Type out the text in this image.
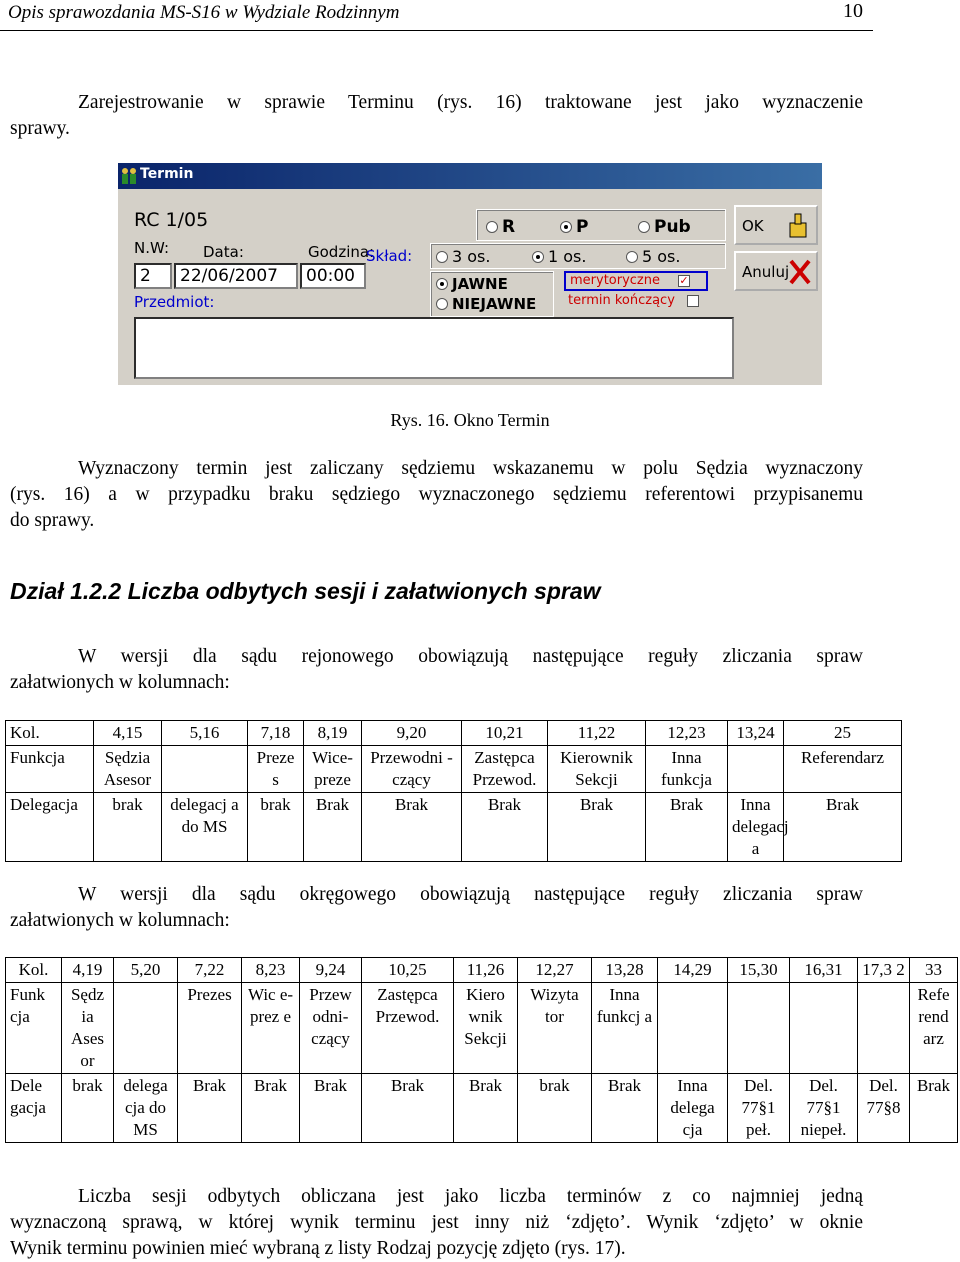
Opis sprawozdania MS-S16 w Wydziale Rodzinnym	10

Zarejestrowanie w sprawie Terminu (rys. 16) traktowane jest jako wyznaczenie

sprawy.

Termin
RC 1/05
N.W: Data:	Godzina:
Skład:
2	22/06/2007	00:00
Przedmiot:
R	P	Pub
3 os.	1 os.	5 os.
JAWNE
NIEJAWNE
merytoryczne ✓
termin kończący
OK
Anuluj
Rys. 16. Okno Termin

Wyznaczony termin jest zaliczany sędziemu wskazanemu w polu Sędzia wyznaczony

(rys. 16) a w przypadku braku sędziego wyznaczonego sędziemu referentowi przypisanemu

do sprawy.

Dział 1.2.2 Liczba odbytych sesji i załatwionych spraw

W wersji dla sądu rejonowego obowiązują następujące reguły zliczania spraw

załatwionych w kolumnach:

Kol.	4,15	5,16	7,18	8,19	9,20	10,21	11,22	12,23	13,24	25
Funkcja	Sędzia Asesor		Preze s	Wice- preze	Przewodni -czący	Zastępca Przewod.	Kierownik Sekcji	Inna funkcja		Referendarz
Delegacja	brak	delegacj a do MS	brak	Brak	Brak	Brak	Brak	Brak	Inna delegacj a	Brak

W wersji dla sądu okręgowego obowiązują następujące reguły zliczania spraw

załatwionych w kolumnach:

Kol.	4,19	5,20	7,22	8,23	9,24	10,25	11,26	12,27	13,28	14,29	15,30	16,31	17,3 2	33
Funk cja	Sędz ia Ases or		Prezes	Wic e- prez e	Przew odni- czący	Zastępca Przewod.	Kiero wnik Sekcji	Wizyta tor	Inna funkcj a					Refe rend arz
Dele gacja	brak	delega cja do MS	Brak	Brak	Brak	Brak	Brak	brak	Brak	Inna delega cja	Del. 77§1 peł.	Del. 77§1 niepeł.	Del. 77§8	Brak

Liczba sesji odbytych obliczana jest jako liczba terminów z co najmniej jedną

wyznaczoną sprawą, w której wynik terminu jest inny niż ‘zdjęto’. Wynik ‘zdjęto’ w oknie

Wynik terminu powinien mieć wybraną z listy Rodzaj pozycję zdjęto (rys. 17).
